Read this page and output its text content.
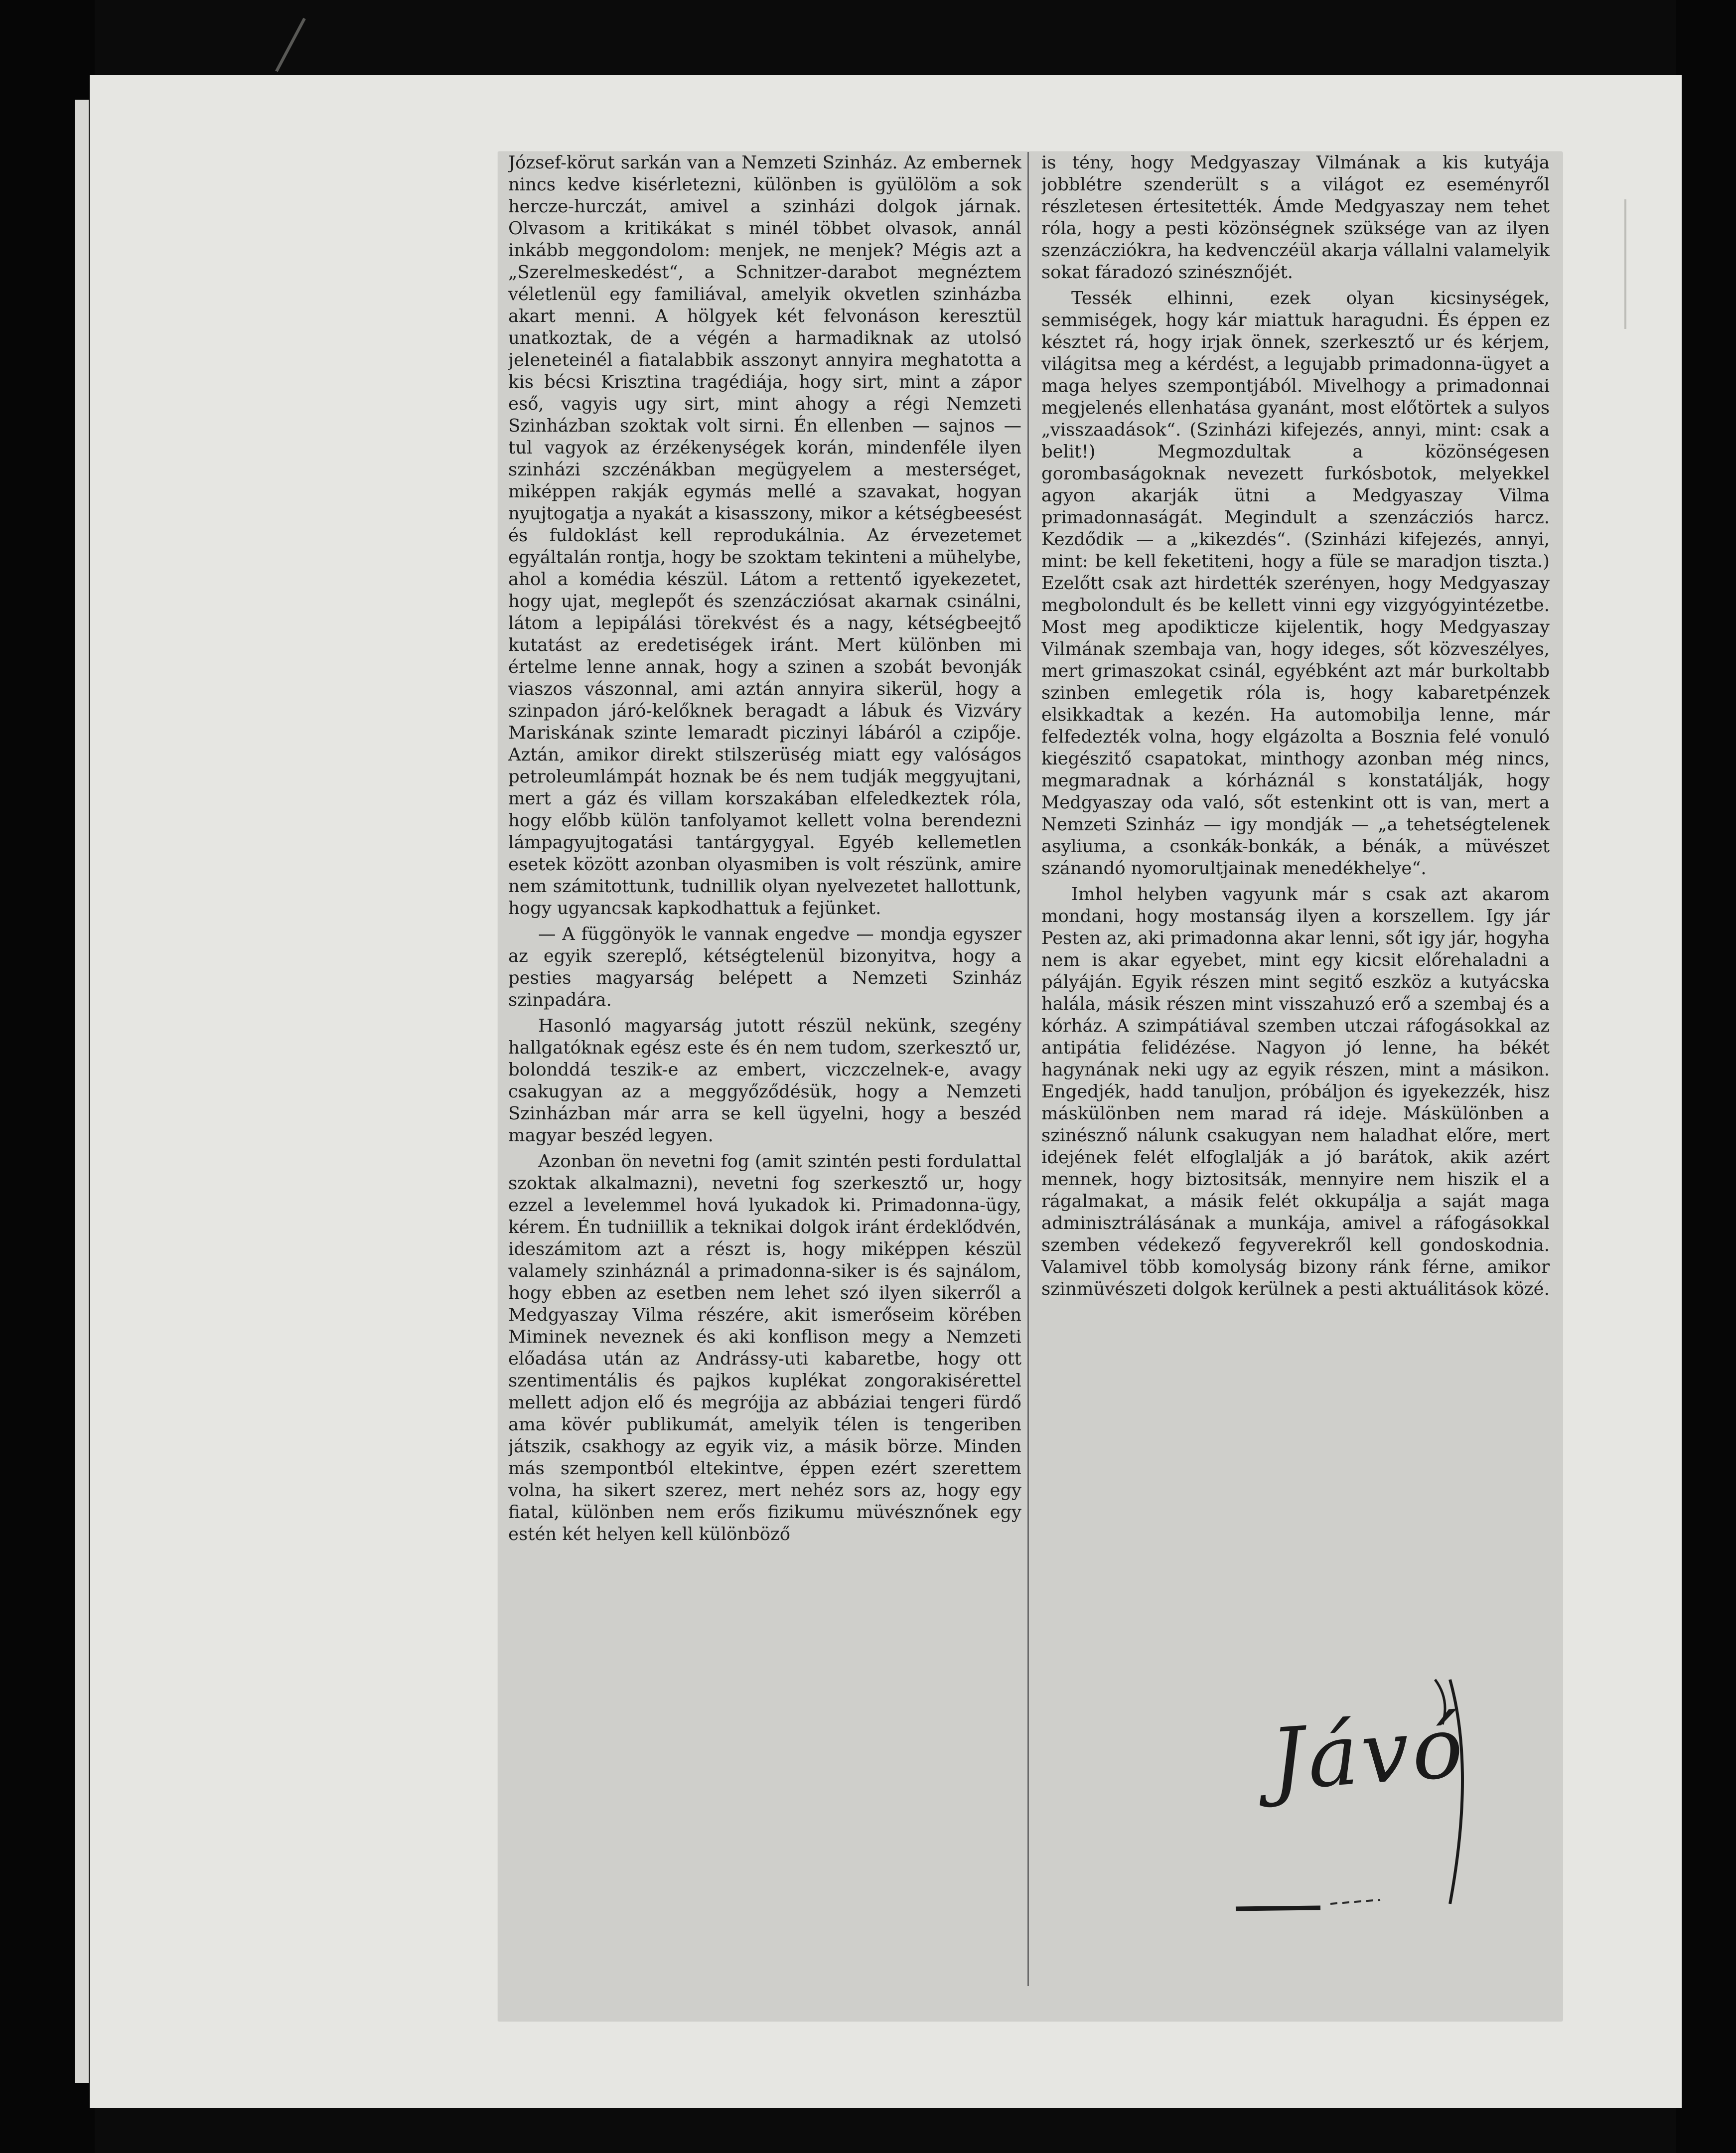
József-körut sarkán van a Nemzeti Szinház. Az embernek nincs kedve kisérletezni, különben is gyülölöm a sok hercze-hurczát, amivel a szinházi dolgok járnak. Olvasom a kritikákat s minél többet olvasok, annál inkább meggondolom: menjek, ne menjek? Mégis azt a „Szerelmeskedést“, a Schnitzer-darabot megnéztem véletlenül egy familiával, amelyik okvetlen szinházba akart menni. A hölgyek két felvonáson keresztül unatkoztak, de a végén a harmadiknak az utolsó jeleneteinél a fiatalabbik asszonyt annyira meghatotta a kis bécsi Krisztina tragédiája, hogy sirt, mint a zápor eső, vagyis ugy sirt, mint ahogy a régi Nemzeti Szinházban szoktak volt sirni. Én ellenben — sajnos — tul vagyok az érzékenységek korán, mindenféle ilyen szinházi szczénákban megügyelem a mesterséget, miképpen rakják egymás mellé a szavakat, hogyan nyujtogatja a nyakát a kisasszony, mikor a kétségbeesést és fuldoklást kell reprodukálnia. Az érvezetemet egyáltalán rontja, hogy be szoktam tekinteni a mühelybe, ahol a komédia készül. Látom a rettentő igyekezetet, hogy ujat, meglepőt és szenzácziósat akarnak csinálni, látom a lepipálási törekvést és a nagy, kétségbeejtő kutatást az eredetiségek iránt. Mert különben mi értelme lenne annak, hogy a szinen a szobát bevonják viaszos vászonnal, ami aztán annyira sikerül, hogy a szinpadon járó-kelőknek beragadt a lábuk és Vizváry Mariskának szinte lemaradt piczinyi lábáról a czipője. Aztán, amikor direkt stilszerüség miatt egy valóságos petroleumlámpát hoznak be és nem tudják meggyujtani, mert a gáz és villam korszakában elfeledkeztek róla, hogy előbb külön tanfolyamot kellett volna berendezni lámpagyujtogatási tantárgygyal. Egyéb kellemetlen esetek között azonban olyasmiben is volt részünk, amire nem számitottunk, tudnillik olyan nyelvezetet hallottunk, hogy ugyancsak kapkodhattuk a fejünket.

— A függönyök le vannak engedve — mondja egyszer az egyik szereplő, kétségtelenül bizonyitva, hogy a pesties magyarság belépett a Nemzeti Szinház szinpadára.

Hasonló magyarság jutott részül nekünk, szegény hallgatóknak egész este és én nem tudom, szerkesztő ur, bolonddá teszik-e az embert, viczczelnek-e, avagy csakugyan az a meggyőződésük, hogy a Nemzeti Szinházban már arra se kell ügyelni, hogy a beszéd magyar beszéd legyen.

Azonban ön nevetni fog (amit szintén pesti fordulattal szoktak alkalmazni), nevetni fog szerkesztő ur, hogy ezzel a levelemmel hová lyukadok ki. Primadonna-ügy, kérem. Én tudniillik a teknikai dolgok iránt érdeklődvén, ideszámitom azt a részt is, hogy miképpen készül valamely szinháznál a primadonna-siker is és sajnálom, hogy ebben az esetben nem lehet szó ilyen sikerről a Medgyaszay Vilma részére, akit ismerőseim körében Miminek neveznek és aki konflison megy a Nemzeti előadása után az Andrássy-uti kabaretbe, hogy ott szentimentális és pajkos kuplékat zongorakisérettel mellett adjon elő és megrójja az abbáziai tengeri fürdő ama kövér publikumát, amelyik télen is tengeriben játszik, csakhogy az egyik viz, a másik börze. Minden más szempontból eltekintve, éppen ezért szerettem volna, ha sikert szerez, mert nehéz sors az, hogy egy fiatal, különben nem erős fizikumu müvésznőnek egy estén két helyen kell különböző

is tény, hogy Medgyaszay Vilmának a kis kutyája jobblétre szenderült s a világot ez eseményről részletesen értesitették. Ámde Medgyaszay nem tehet róla, hogy a pesti közönségnek szüksége van az ilyen szenzácziókra, ha kedvenczéül akarja vállalni valamelyik sokat fáradozó szinésznőjét.

Tessék elhinni, ezek olyan kicsinységek, semmiségek, hogy kár miattuk haragudni. És éppen ez késztet rá, hogy irjak önnek, szerkesztő ur és kérjem, világitsa meg a kérdést, a legujabb primadonna-ügyet a maga helyes szempontjából. Mivelhogy a primadonnai megjelenés ellenhatása gyanánt, most előtörtek a sulyos „visszaadások“. (Szinházi kifejezés, annyi, mint: csak a belit!) Megmozdultak a közönségesen gorombaságoknak nevezett furkósbotok, melyekkel agyon akarják ütni a Medgyaszay Vilma primadonnaságát. Megindult a szenzácziós harcz. Kezdődik — a „kikezdés“. (Szinházi kifejezés, annyi, mint: be kell feketiteni, hogy a füle se maradjon tiszta.) Ezelőtt csak azt hirdették szerényen, hogy Medgyaszay megbolondult és be kellett vinni egy vizgyógyintézetbe. Most meg apodikticze kijelentik, hogy Medgyaszay Vilmának szembaja van, hogy ideges, sőt közveszélyes, mert grimaszokat csinál, egyébként azt már burkoltabb szinben emlegetik róla is, hogy kabaretpénzek elsikkadtak a kezén. Ha automobilja lenne, már felfedezték volna, hogy elgázolta a Bosznia felé vonuló kiegészitő csapatokat, minthogy azonban még nincs, megmaradnak a kórháznál s konstatálják, hogy Medgyaszay oda való, sőt estenkint ott is van, mert a Nemzeti Szinház — igy mondják — „a tehetségtelenek asyliuma, a csonkák-bonkák, a bénák, a müvészet szánandó nyomorultjainak menedékhelye“.

Imhol helyben vagyunk már s csak azt akarom mondani, hogy mostanság ilyen a korszellem. Igy jár Pesten az, aki primadonna akar lenni, sőt igy jár, hogyha nem is akar egyebet, mint egy kicsit előrehaladni a pályáján. Egyik részen mint segitő eszköz a kutyácska halála, másik részen mint visszahuzó erő a szembaj és a kórház. A szimpátiával szemben utczai ráfogásokkal az antipátia felidézése. Nagyon jó lenne, ha békét hagynának neki ugy az egyik részen, mint a másikon. Engedjék, hadd tanuljon, próbáljon és igyekezzék, hisz máskülönben nem marad rá ideje. Máskülönben a szinésznő nálunk csakugyan nem haladhat előre, mert idejének felét elfoglalják a jó barátok, akik azért mennek, hogy biztositsák, mennyire nem hiszik el a rágalmakat, a másik felét okkupálja a saját maga adminisztrálásának a munkája, amivel a ráfogásokkal szemben védekező fegyverekről kell gondoskodnia. Valamivel több komolyság bizony ránk férne, amikor szinmüvészeti dolgok kerülnek a pesti aktuálitások közé.

Jávó
